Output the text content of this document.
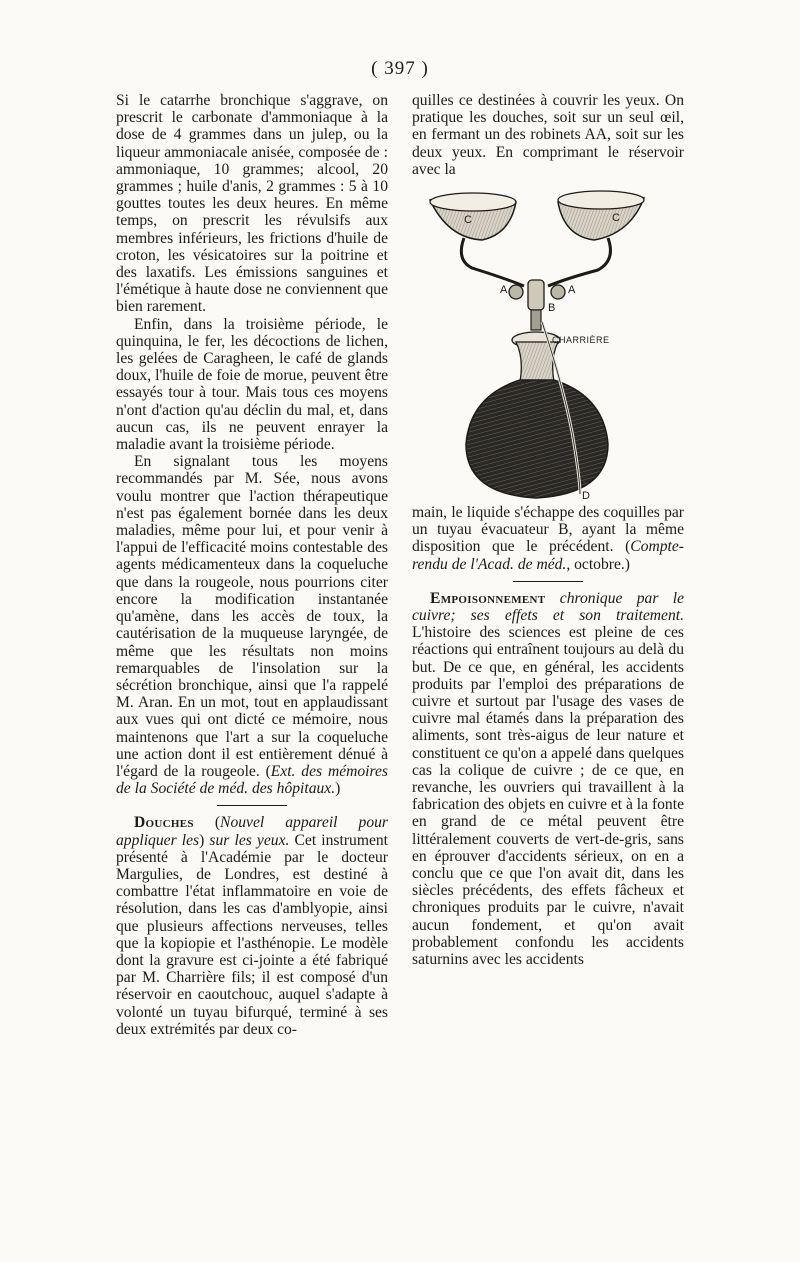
( 397 )

Si le catarrhe bronchique s'aggrave, on prescrit le carbonate d'ammoniaque à la dose de 4 grammes dans un julep, ou la liqueur ammoniacale anisée, composée de : ammoniaque, 10 grammes; alcool, 20 grammes ; huile d'anis, 2 grammes : 5 à 10 gouttes toutes les deux heures. En même temps, on prescrit les révulsifs aux membres inférieurs, les frictions d'huile de croton, les vésicatoires sur la poitrine et des laxatifs. Les émissions sanguines et l'émétique à haute dose ne conviennent que bien rarement.

Enfin, dans la troisième période, le quinquina, le fer, les décoctions de lichen, les gelées de Caragheen, le café de glands doux, l'huile de foie de morue, peuvent être essayés tour à tour. Mais tous ces moyens n'ont d'action qu'au déclin du mal, et, dans aucun cas, ils ne peuvent enrayer la maladie avant la troisième période.

En signalant tous les moyens recommandés par M. Sée, nous avons voulu montrer que l'action thérapeutique n'est pas également bornée dans les deux maladies, même pour lui, et pour venir à l'appui de l'efficacité moins contestable des agents médicamenteux dans la coqueluche que dans la rougeole, nous pourrions citer encore la modification instantanée qu'amène, dans les accès de toux, la cautérisation de la muqueuse laryngée, de même que les résultats non moins remarquables de l'insolation sur la sécrétion bronchique, ainsi que l'a rappelé M. Aran. En un mot, tout en applaudissant aux vues qui ont dicté ce mémoire, nous maintenons que l'art a sur la coqueluche une action dont il est entièrement dénué à l'égard de la rougeole. (Ext. des mémoires de la Société de méd. des hôpitaux.)

Douches (Nouvel appareil pour appliquer les) sur les yeux. Cet instrument présenté à l'Académie par le docteur Margulies, de Londres, est destiné à combattre l'état inflammatoire en voie de résolution, dans les cas d'amblyopie, ainsi que plusieurs affections nerveuses, telles que la kopiopie et l'asthénopie. Le modèle dont la gravure est ci-jointe a été fabriqué par M. Charrière fils; il est composé d'un réservoir en caoutchouc, auquel s'adapte à volonté un tuyau bifurqué, terminé à ses deux extrémités par deux co-

quilles ce destinées à couvrir les yeux. On pratique les douches, soit sur un seul œil, en fermant un des robinets AA, soit sur les deux yeux. En comprimant le réservoir avec la

C	C
A	A
B
D
CHARRIÈRE

main, le liquide s'échappe des coquilles par un tuyau évacuateur B, ayant la même disposition que le précédent. (Compte-rendu de l'Acad. de méd., octobre.)

Empoisonnement chronique par le cuivre; ses effets et son traitement. L'histoire des sciences est pleine de ces réactions qui entraînent toujours au delà du but. De ce que, en général, les accidents produits par l'emploi des préparations de cuivre et surtout par l'usage des vases de cuivre mal étamés dans la préparation des aliments, sont très-aigus de leur nature et constituent ce qu'on a appelé dans quelques cas la colique de cuivre ; de ce que, en revanche, les ouvriers qui travaillent à la fabrication des objets en cuivre et à la fonte en grand de ce métal peuvent être littéralement couverts de vert-de-gris, sans en éprouver d'accidents sérieux, on en a conclu que ce que l'on avait dit, dans les siècles précédents, des effets fâcheux et chroniques produits par le cuivre, n'avait aucun fondement, et qu'on avait probablement confondu les accidents saturnins avec les accidents
